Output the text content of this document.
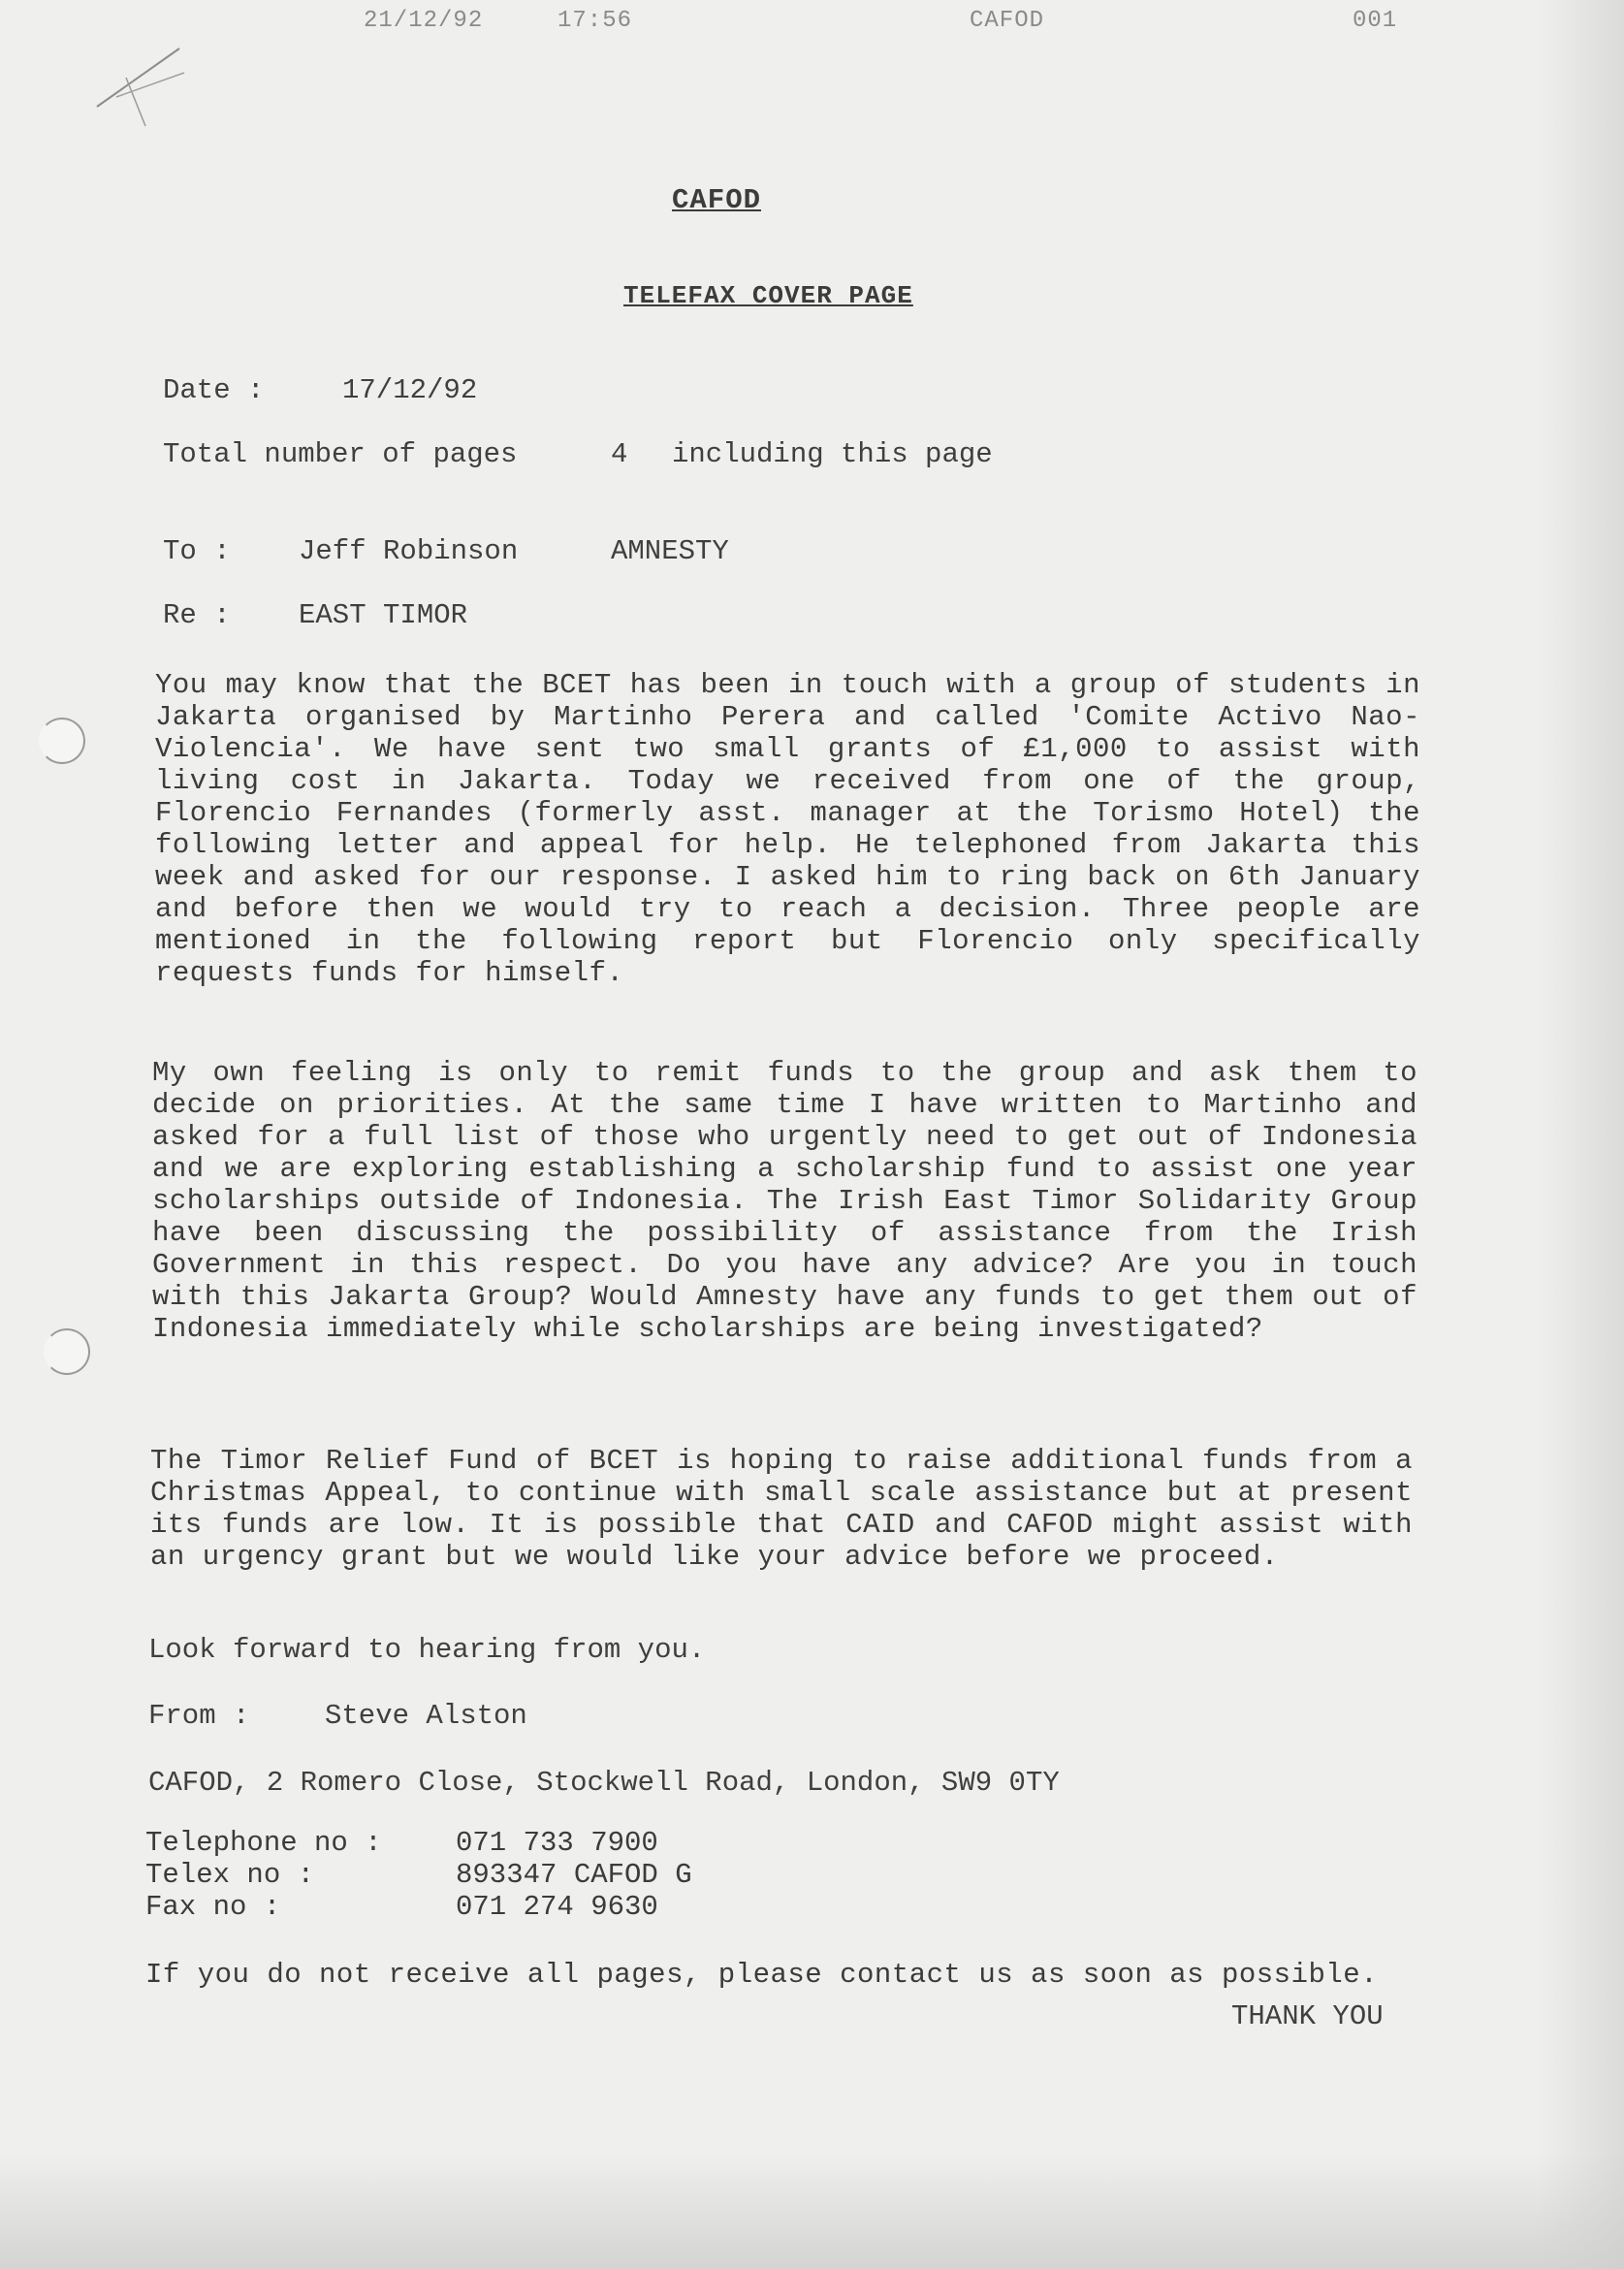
21/12/92	17:56	CAFOD	001
CAFOD
TELEFAX COVER PAGE
Date :	17/12/92
Total number of pages	4 including this page
To : Jeff Robinson	AMNESTY
Re : EAST TIMOR
You may know that the BCET has been in touch with a group of students in Jakarta organised by Martinho Perera and called 'Comite Activo Nao-Violencia'. We have sent two small grants of £1,000 to assist with living cost in Jakarta. Today we received from one of the group, Florencio Fernandes (formerly asst. manager at the Torismo Hotel) the following letter and appeal for help. He telephoned from Jakarta this week and asked for our response. I asked him to ring back on 6th January and before then we would try to reach a decision. Three people are mentioned in the following report but Florencio only specifically requests funds for himself.
My own feeling is only to remit funds to the group and ask them to decide on priorities. At the same time I have written to Martinho and asked for a full list of those who urgently need to get out of Indonesia and we are exploring establishing a scholarship fund to assist one year scholarships outside of Indonesia. The Irish East Timor Solidarity Group have been discussing the possibility of assistance from the Irish Government in this respect. Do you have any advice? Are you in touch with this Jakarta Group? Would Amnesty have any funds to get them out of Indonesia immediately while scholarships are being investigated?
The Timor Relief Fund of BCET is hoping to raise additional funds from a Christmas Appeal, to continue with small scale assistance but at present its funds are low. It is possible that CAID and CAFOD might assist with an urgency grant but we would like your advice before we proceed.
Look forward to hearing from you.
From :	Steve Alston
CAFOD, 2 Romero Close, Stockwell Road, London, SW9 0TY
Telephone no :	071 733 7900
Telex no :	893347 CAFOD G
Fax no :	071 274 9630
If you do not receive all pages, please contact us as soon as possible.
THANK YOU
